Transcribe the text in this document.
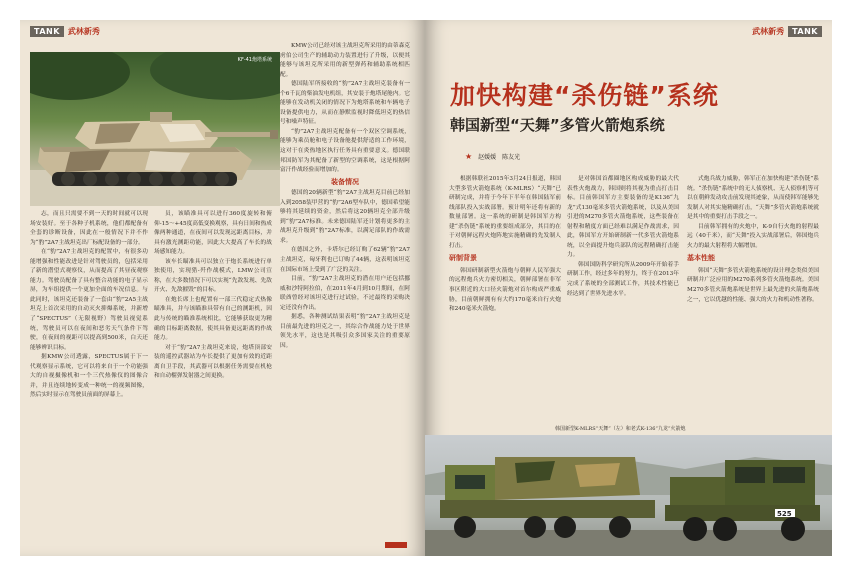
TANK	武林新秀
KF-41炮塔系统

志，而且只需要不到一天的时间就可以现场安装好。至于各种子机系统，他们都配备有全套的诊断设备，因此在一般情况下并不作为“豹”2A7主战坦克出厂标配设备的一部分。

在“豹”2A7主战坦克的配置中，有很多功能增强和性能改进是针对驾驶员的，包括采用了新的潜望式观察仪，从而提高了其昼夜观察能力。驾驶员配备了具有整合功能的电子显示屏，为车组提供一个更加全面的车况信息。与此同时，该坦克还装备了一套由“豹”2A5主战坦克上首次采用的自动灭火抑爆系统，并新增了“SPECTUS”（无限视野）驾驶员视觉系统，驾驶员可以在夜间和恶劣天气条件下驾驶，在夜间的视距可以提高到500米，白天还能够辨识目标。

据KMW公司透露，SPECTUS属于下一代观察显示系统，它可以将来自于一个功能强大的自视摄像机和一个三代热像仪的图像合并，并且连续地转变成一种统一的视频图像，然后实时显示在驾驶员前面的屏幕上。

员，该瞄准具可以进行360度旋转和俯仰-15～+45度高低变换观察，具有日间和热成像两种通道，在夜间可以发现远距离目标，并具有激光测距功能，因此大大提高了车长的战场感知能力。

该车长瞄准具可以独立于炮长系统进行单独使用，实现猎-歼作战模式，LMW公司宣称，在大多数情况下可以实现“先敌发现、先敌开火、先敌摧毁”的目标。

在炮长席上也配置有一部三代稳定式热像瞄准具，并与该瞄准具带有自己的测距机，因此与传统的瞄准系统相比，它能够获取更为精确的目标距离数据，使其具备更远距离的作战能力。

对于“豹”2A7主战坦克来说，炮塔顶部安装的遥控武器站为车长提供了更加有效的近距离自卫手段，其武器可以根据任务需要在机枪和自动榴弹发射器之间更换。

KMW公司已经对该主战坦克所采用的由蒂森克虏伯公司生产的辅助动力装置进行了升级，以便其能够与该坦克所采用的新型弹药和辅助系统相匹配。

德国陆军所接收的“豹”2A7主战坦克装备有一个6千瓦的柴油发电机组，其安装于炮塔尾舱内。它能够在发动机关闭的情况下为炮塔系统和车辆电子设备提供电力，从而在静默监视时降低坦克的热信号和噪声特征。

“豹”2A7主战坦克配备有一个双区空调系统，能够为乘员舱和电子设备舱提供舒适的工作环境，这对于在炎热地区执行任务具有重要意义。德国联邦国防军为其配备了新型的空调系统，这是根据阿富汗作战经验而增加的。

装备情况

德国的20辆新型“豹”2A7主战坦克目前已经加入到2058装甲营的“豹”2A6型车队中，德国希望能够将其延续的资金，然后将这20辆坦克全部升级到“豹”2A7标准。未来德国陆军还计划将更多的主战坦克升级到“豹”2A7标准，以满足部队的作战需求。

在德国之外，卡塔尔已经订购了62辆“豹”2A7主战坦克，匈牙利也已订购了44辆，这表明该坦克在国际市场上受到了广泛的关注。

目前，“豹”2A7主战坦克的潜在用户还包括挪威和沙特阿拉伯，在2011年4月到10月期间，在阿联酋曾经对该坦克进行过试验，不过最终的采购决定还没有作出。

据悉，各种测试结果表明“豹”2A7主战坦克是目前最先进的坦克之一，其综合作战能力处于世界领先水平，这也是其吸引众多国家关注的重要原因。

武林新秀	TANK
加快构建“杀伤链”系统
韩国新型“天舞”多管火箭炮系统
★ 赵媛媛　陈友光

根据韩联社2015年3月24日报道，韩国大型多管火箭炮系统（K-MLRS）“天舞”已研制完成，并将于今年下半年在韩国陆军前线部队投入实战部署。预计明年还将有新的数量部署。这一系统的研制是韩国军方构建“杀伤链”系统的重要组成部分，其目的在于对朝鲜远程火炮阵地实施精确的先发制人打击。

研制背景

韩国研制新型火箭炮与朝鲜人民军强大的远程炮兵火力密切相关，朝鲜部署在非军事区附近的大口径火箭炮对首尔构成严重威胁，目前朝鲜拥有有大约170毫米自行火炮和240毫米火箭炮。

是对韩国首都圈地区构成威胁的最大代表性火炮战力，韩国则将其视为重点打击目标。目前韩国军方主要装备的是K136“九龙”式130毫米多管火箭炮系统，以及从美国引进的M270多管火箭炮系统，这些装备在射程和精度方面已经难以满足作战需求，因此，韩国军方开始研制新一代多管火箭炮系统，以全面提升炮兵部队的远程精确打击能力。

韩国国防科学研究所从2009年开始着手研制工作，经过多年的努力，终于在2013年完成了系统的全部测试工作，其技术性能已经达到了世界先进水平。

式炮兵战力威胁，韩军正在加快构建“杀伤链”系统。“杀伤链”系统中的无人侦察机、无人侦察机等可以在朝鲜发动攻击前发现其迹象，从而使韩军能够先发制人对其实施精确打击，“天舞”多管火箭炮系统就是其中的重要打击手段之一。

目前韩军拥有的火炮中，K-9自行火炮的射程最远（40千米），而“天舞”投入实战部署后，韩国炮兵火力的最大射程将大幅增加。

基本性能

韩国“天舞”多管火箭炮系统的设计理念类似美国研制并广泛应用的M270系列多管火箭炮系统。美国M270多管火箭炮系统是世界上最先进的火箭炮系统之一，它以优越的性能、强大的火力和机动性著称。

韩国新型K-MLRS“天舞”（左）和老式K-136“九龙”火箭炮
525
